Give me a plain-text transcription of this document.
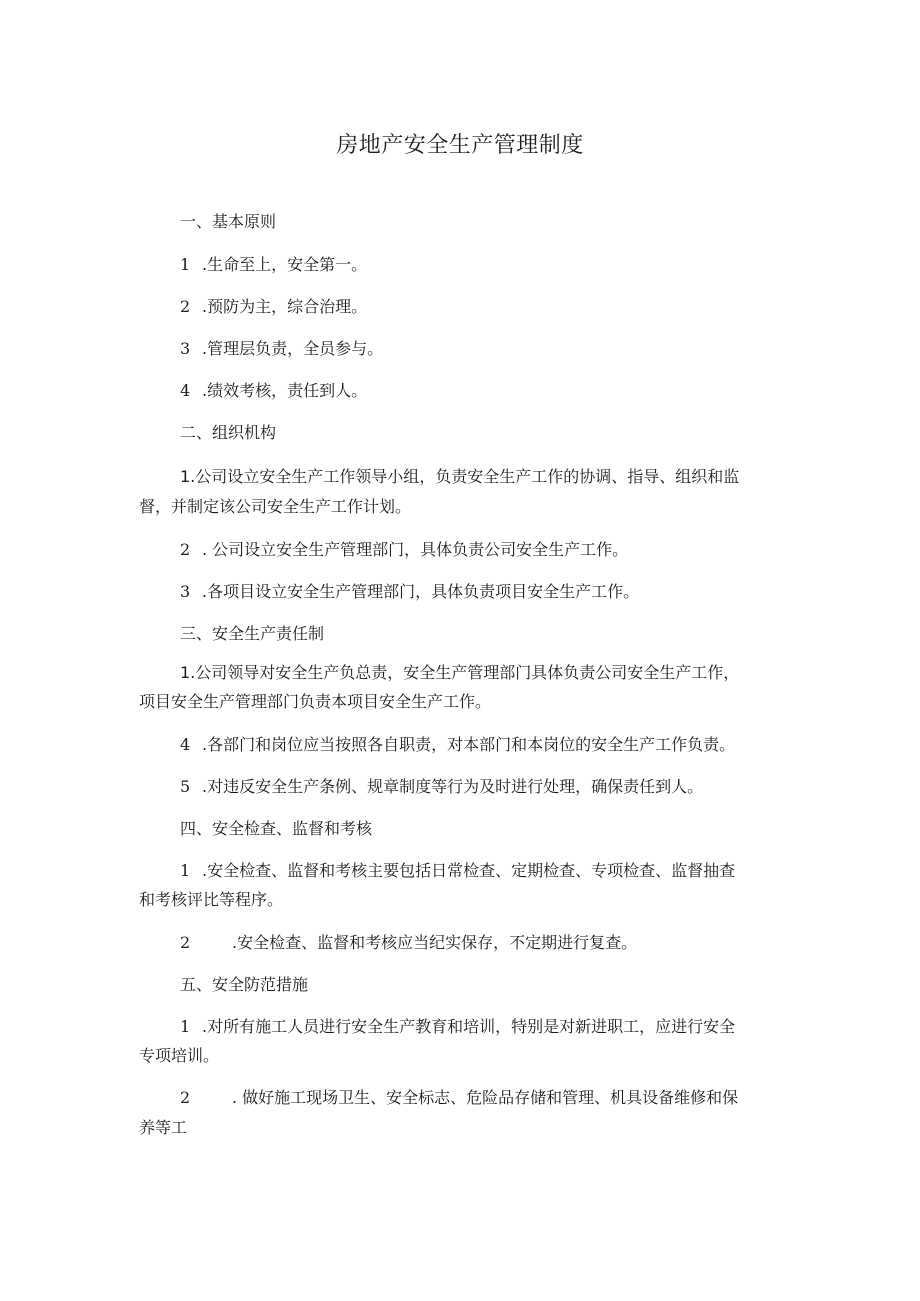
房地产安全生产管理制度
一、基本原则
1 .生命至上，安全第一。
2 .预防为主，综合治理。
3 .管理层负责，全员参与。
4 .绩效考核，责任到人。
二、组织机构
1.公司设立安全生产工作领导小组，负责安全生产工作的协调、指导、组织和监
督，并制定该公司安全生产工作计划。
2 . 公司设立安全生产管理部门，具体负责公司安全生产工作。
3 .各项目设立安全生产管理部门，具体负责项目安全生产工作。
三、安全生产责任制
1.公司领导对安全生产负总责，安全生产管理部门具体负责公司安全生产工作，
项目安全生产管理部门负责本项目安全生产工作。
4 .各部门和岗位应当按照各自职责，对本部门和本岗位的安全生产工作负责。
5 .对违反安全生产条例、规章制度等行为及时进行处理，确保责任到人。
四、安全检查、监督和考核
1 .安全检查、监督和考核主要包括日常检查、定期检查、专项检查、监督抽查
和考核评比等程序。
2	.安全检查、监督和考核应当纪实保存，不定期进行复查。
五、安全防范措施
1 .对所有施工人员进行安全生产教育和培训，特别是对新进职工，应进行安全
专项培训。
2	. 做好施工现场卫生、安全标志、危险品存储和管理、机具设备维修和保
养等工
